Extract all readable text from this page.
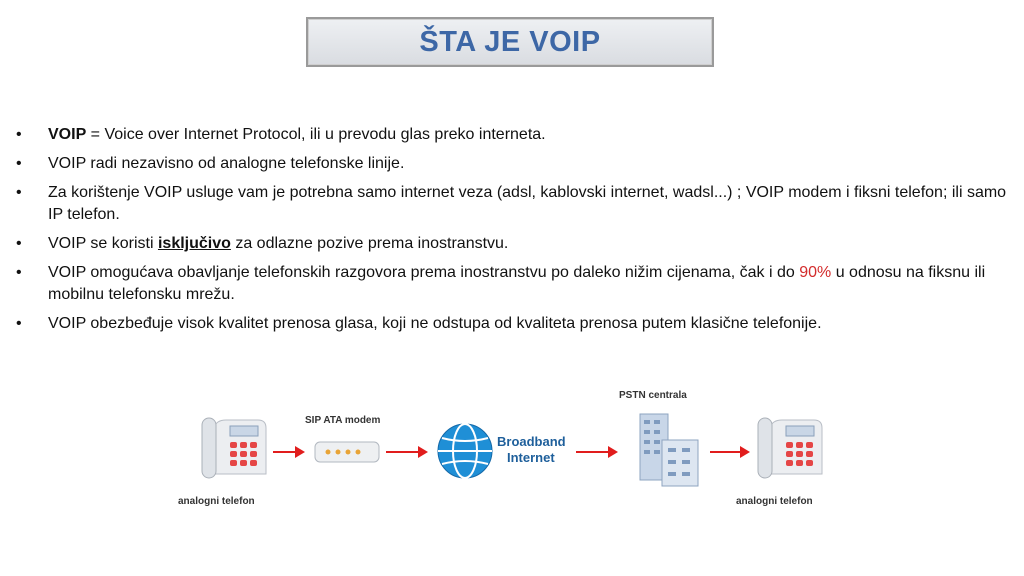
ŠTA JE VOIP
• VOIP = Voice over Internet Protocol, ili u prevodu glas preko interneta.
• VOIP radi nezavisno od analogne telefonske linije.
• Za korištenje VOIP usluge vam je potrebna samo internet veza (adsl, kablovski internet, wadsl...) ; VOIP modem i fiksni telefon; ili samo IP telefon.
• VOIP se koristi isključivo za odlazne pozive prema inostranstvu.
• VOIP omogućava obavljanje telefonskih razgovora prema inostranstvu po daleko nižim cijenama, čak i do 90% u odnosu na fiksnu ili mobilnu telefonsku mrežu.
• VOIP obezbeđuje visok kvalitet prenosa glasa, koji ne odstupa od kvaliteta prenosa putem klasične telefonije.
analogni telefon
SIP ATA modem
Broadband
Internet
PSTN centrala
analogni telefon
